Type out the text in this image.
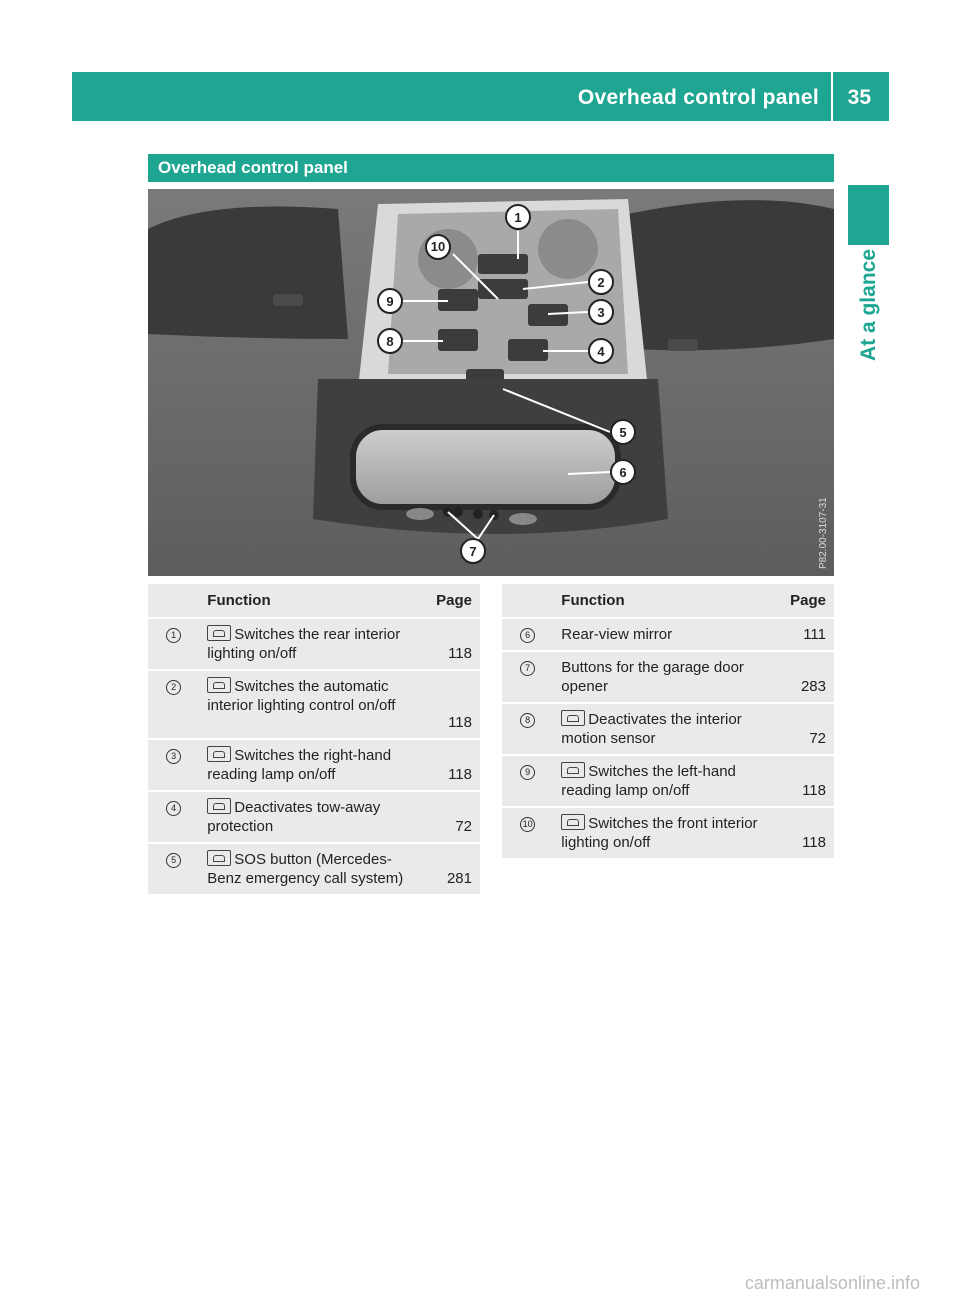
Overhead control panel 35
At a glance
Overhead control panel
1
2
3
4
5
6
7
8
9
10
P82.00-3107-31
	Function	Page
1	Switches the rear interior lighting on/off	118
2	Switches the automatic interior lighting control on/off	118
3	Switches the right-hand reading lamp on/off	118
4	Deactivates tow-away protection	72
5	SOS button (Mercedes-Benz emergency call system)	281
	Function	Page
6	Rear-view mirror	111
7	Buttons for the garage door opener	283
8	Deactivates the interior motion sensor	72
9	Switches the left-hand reading lamp on/off	118
10	Switches the front interior lighting on/off	118
carmanualsonline.info
